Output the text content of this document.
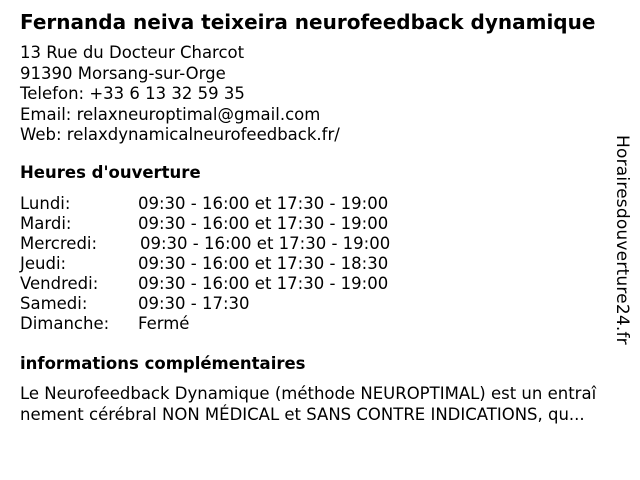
Fernanda neiva teixeira neurofeedback dynamique
13 Rue du Docteur Charcot
91390 Morsang-sur-Orge
Telefon: +33 6 13 32 59 35
Email: relaxneuroptimal@gmail.com
Web: relaxdynamicalneurofeedback.fr/
Heures d'ouverture
Lundi:	09:30 - 16:00 et 17:30 - 19:00
Mardi:	09:30 - 16:00 et 17:30 - 19:00
Mercredi:	09:30 - 16:00 et 17:30 - 19:00
Jeudi:	09:30 - 16:00 et 17:30 - 18:30
Vendredi: 09:30 - 16:00 et 17:30 - 19:00
Samedi:	09:30 - 17:30
Dimanche: Fermé
informations complémentaires
Le Neurofeedback Dynamique (méthode NEUROPTIMAL) est un entraî
nement cérébral NON MÉDICAL et SANS CONTRE INDICATIONS, qu...
Horairesdouverture24.fr
